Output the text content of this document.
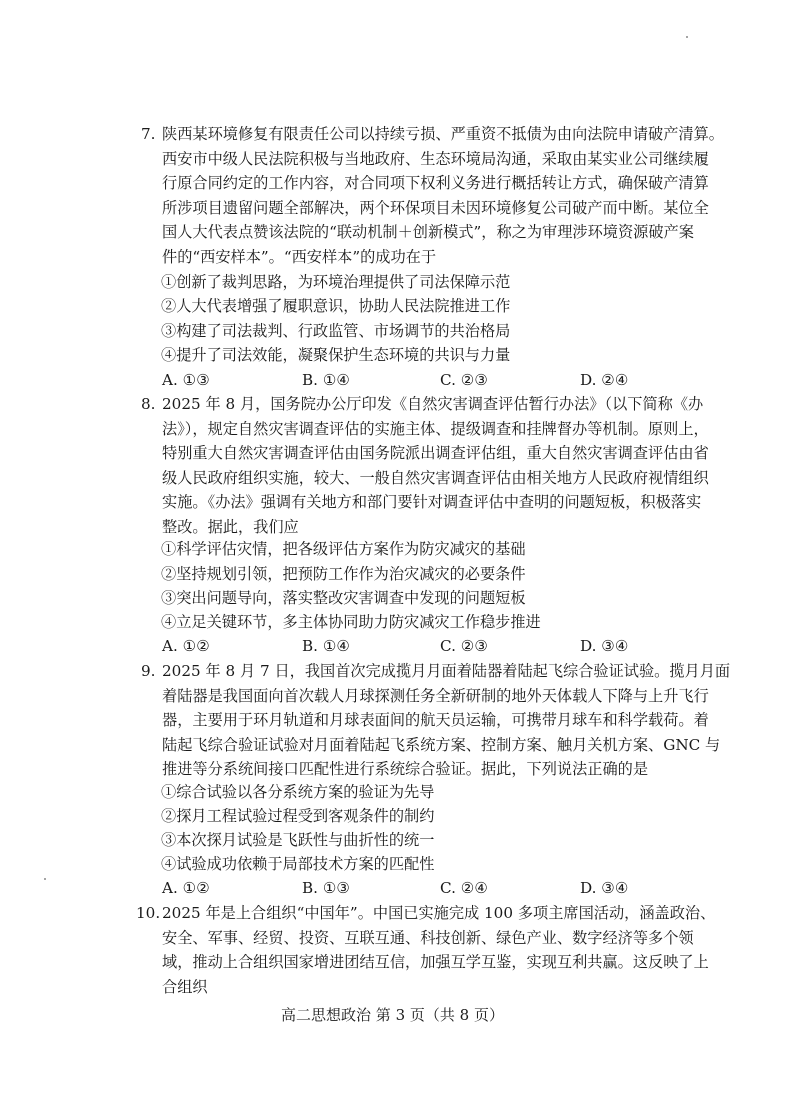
7. 陕西某环境修复有限责任公司以持续亏损、严重资不抵债为由向法院申请破产清算。
西安市中级人民法院积极与当地政府、生态环境局沟通，采取由某实业公司继续履
行原合同约定的工作内容，对合同项下权利义务进行概括转让方式，确保破产清算
所涉项目遗留问题全部解决，两个环保项目未因环境修复公司破产而中断。某位全
国人大代表点赞该法院的“联动机制＋创新模式”，称之为审理涉环境资源破产案
件的“西安样本”。“西安样本”的成功在于
①创新了裁判思路，为环境治理提供了司法保障示范
②人大代表增强了履职意识，协助人民法院推进工作
③构建了司法裁判、行政监管、市场调节的共治格局
④提升了司法效能，凝聚保护生态环境的共识与力量
A. ①③	B. ①④	C. ②③	D. ②④
8. 2025 年 8 月，国务院办公厅印发《自然灾害调查评估暂行办法》（以下简称《办
法》），规定自然灾害调查评估的实施主体、提级调查和挂牌督办等机制。原则上，
特别重大自然灾害调查评估由国务院派出调查评估组，重大自然灾害调查评估由省
级人民政府组织实施，较大、一般自然灾害调查评估由相关地方人民政府视情组织
实施。《办法》强调有关地方和部门要针对调查评估中查明的问题短板，积极落实
整改。据此，我们应
①科学评估灾情，把各级评估方案作为防灾减灾的基础
②坚持规划引领，把预防工作作为治灾减灾的必要条件
③突出问题导向，落实整改灾害调查中发现的问题短板
④立足关键环节，多主体协同助力防灾减灾工作稳步推进
A. ①②	B. ①④	C. ②③	D. ③④
9. 2025 年 8 月 7 日，我国首次完成揽月月面着陆器着陆起飞综合验证试验。揽月月面
着陆器是我国面向首次载人月球探测任务全新研制的地外天体载人下降与上升飞行
器，主要用于环月轨道和月球表面间的航天员运输，可携带月球车和科学载荷。着
陆起飞综合验证试验对月面着陆起飞系统方案、控制方案、触月关机方案、GNC 与
推进等分系统间接口匹配性进行系统综合验证。据此，下列说法正确的是
①综合试验以各分系统方案的验证为先导
②探月工程试验过程受到客观条件的制约
③本次探月试验是飞跃性与曲折性的统一
④试验成功依赖于局部技术方案的匹配性
A. ①②	B. ①③	C. ②④	D. ③④
10. 2025 年是上合组织“中国年”。中国已实施完成 100 多项主席国活动，涵盖政治、
安全、军事、经贸、投资、互联互通、科技创新、绿色产业、数字经济等多个领
域，推动上合组织国家增进团结互信，加强互学互鉴，实现互利共赢。这反映了上
合组织
高二思想政治 第 3 页（共 8 页）
